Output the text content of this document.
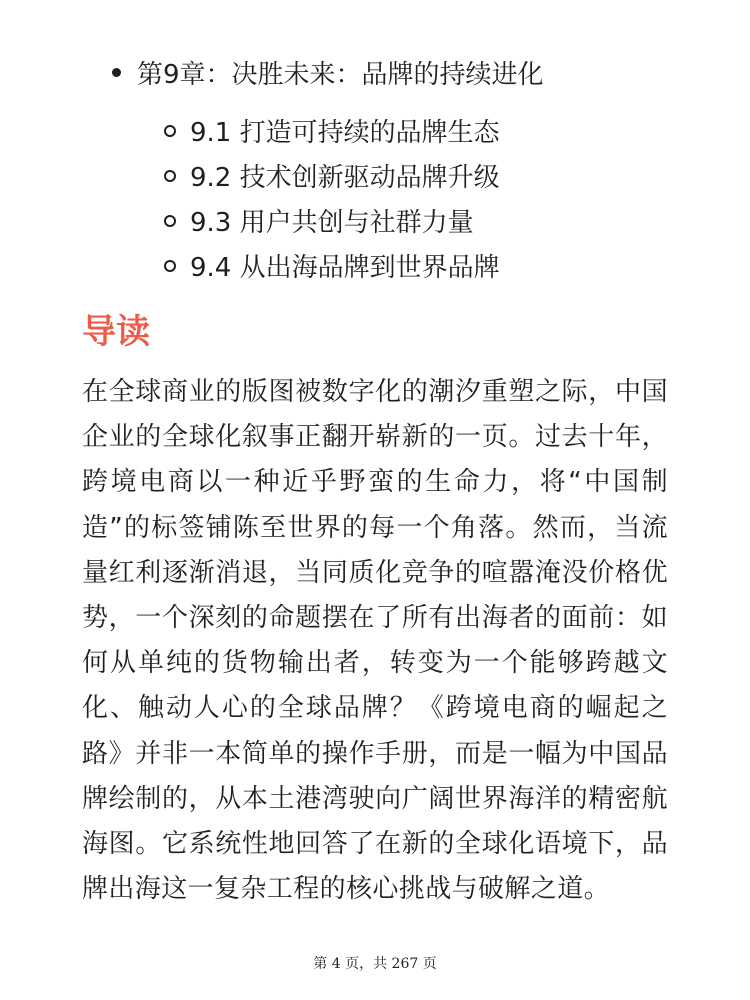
第9章：决胜未来：品牌的持续进化
9.1 打造可持续的品牌生态
9.2 技术创新驱动品牌升级
9.3 用户共创与社群力量
9.4 从出海品牌到世界品牌
导读

在全球商业的版图被数字化的潮汐重塑之际，中国企业的全球化叙事正翻开崭新的一页。过去十年，跨境电商以一种近乎野蛮的生命力，将“中国制造”的标签铺陈至世界的每一个角落。然而，当流量红利逐渐消退，当同质化竞争的喧嚣淹没价格优势，一个深刻的命题摆在了所有出海者的面前：如何从单纯的货物输出者，转变为一个能够跨越文化、触动人心的全球品牌？《跨境电商的崛起之路》并非一本简单的操作手册，而是一幅为中国品牌绘制的，从本土港湾驶向广阔世界海洋的精密航海图。它系统性地回答了在新的全球化语境下，品牌出海这一复杂工程的核心挑战与破解之道。

第 4 页，共 267 页
